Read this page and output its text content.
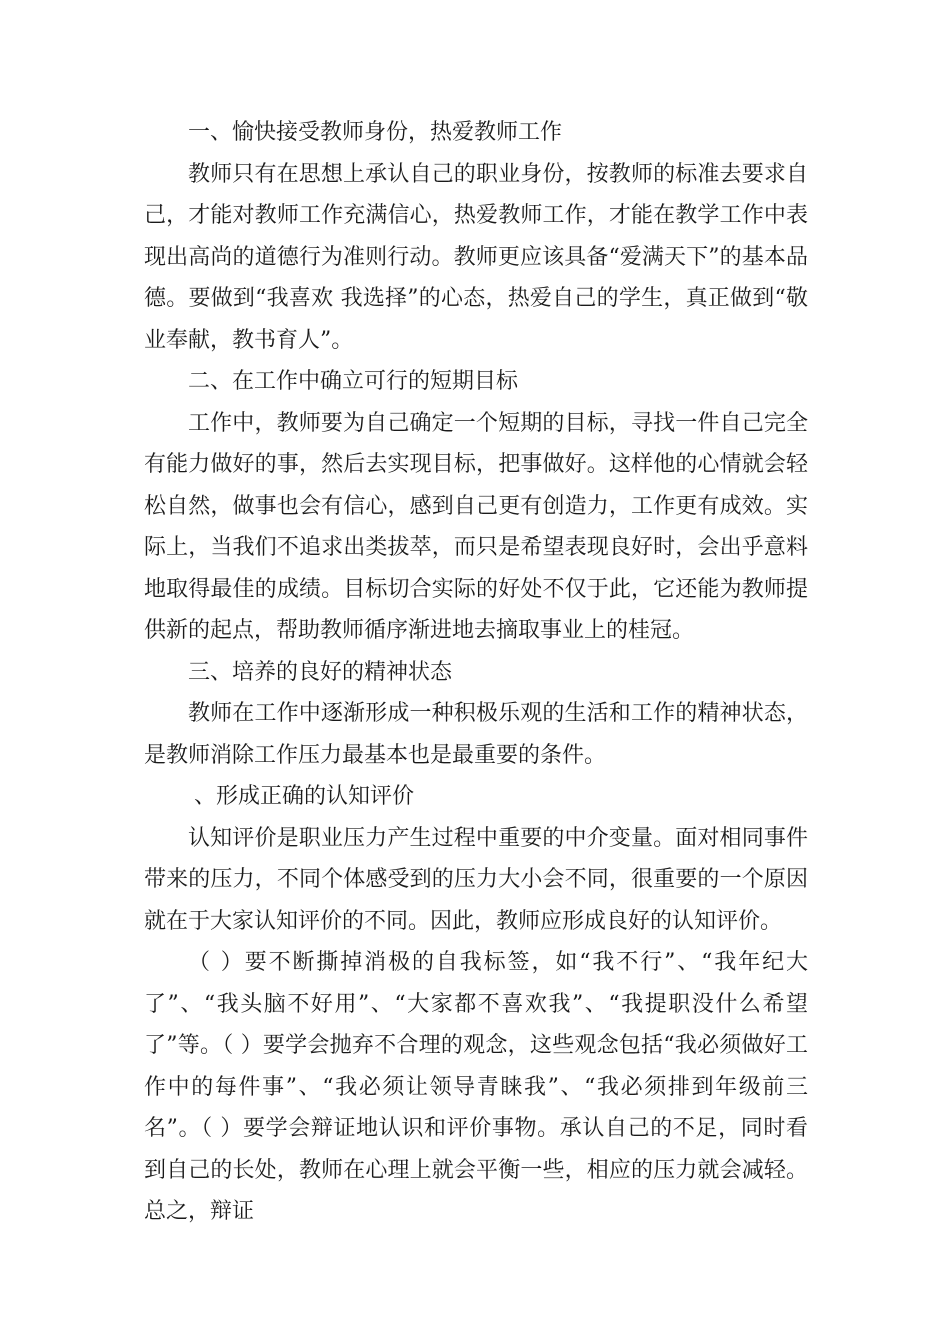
一、愉快接受教师身份，热爱教师工作

教师只有在思想上承认自己的职业身份，按教师的标准去要求自己，才能对教师工作充满信心，热爱教师工作，才能在教学工作中表现出高尚的道德行为准则行动。教师更应该具备“爱满天下”的基本品德。要做到“我喜欢 我选择”的心态，热爱自己的学生，真正做到“敬业奉献，教书育人”。

二、在工作中确立可行的短期目标

工作中，教师要为自己确定一个短期的目标，寻找一件自己完全有能力做好的事，然后去实现目标，把事做好。这样他的心情就会轻松自然，做事也会有信心，感到自己更有创造力，工作更有成效。实际上，当我们不追求出类拔萃，而只是希望表现良好时，会出乎意料地取得最佳的成绩。目标切合实际的好处不仅于此，它还能为教师提供新的起点，帮助教师循序渐进地去摘取事业上的桂冠。

三、培养的良好的精神状态

教师在工作中逐渐形成一种积极乐观的生活和工作的精神状态，是教师消除工作压力最基本也是最重要的条件。

、形成正确的认知评价

认知评价是职业压力产生过程中重要的中介变量。面对相同事件带来的压力，不同个体感受到的压力大小会不同，很重要的一个原因就在于大家认知评价的不同。因此，教师应形成良好的认知评价。

（ ）要不断撕掉消极的自我标签，如“我不行”、“我年纪大了”、“我头脑不好用”、“大家都不喜欢我”、“我提职没什么希望了”等。（ ）要学会抛弃不合理的观念，这些观念包括“我必须做好工作中的每件事”、“我必须让领导青睐我”、“我必须排到年级前三名”。（ ）要学会辩证地认识和评价事物。承认自己的不足，同时看到自己的长处，教师在心理上就会平衡一些，相应的压力就会减轻。总之，辩证
